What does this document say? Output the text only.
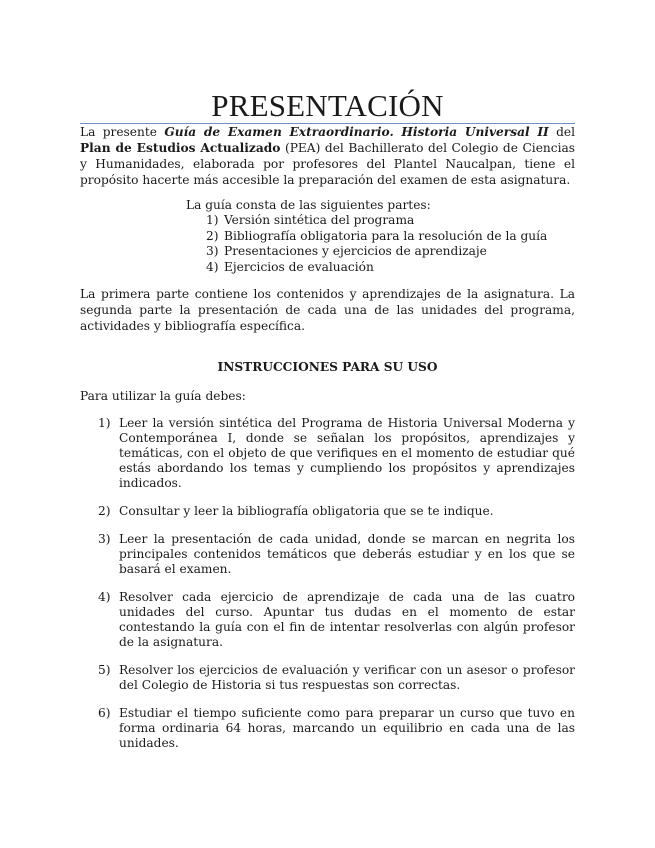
PRESENTACIÓN

La presente Guía de Examen Extraordinario. Historia Universal II del Plan de Estudios Actualizado (PEA) del Bachillerato del Colegio de Ciencias y Humanidades, elaborada por profesores del Plantel Naucalpan, tiene el propósito hacerte más accesible la preparación del examen de esta asignatura.

La guía consta de las siguientes partes:
1) Versión sintética del programa
2) Bibliografía obligatoria para la resolución de la guía
3) Presentaciones y ejercicios de aprendizaje
4) Ejercicios de evaluación

La primera parte contiene los contenidos y aprendizajes de la asignatura. La segunda parte la presentación de cada una de las unidades del programa, actividades y bibliografía específica.

INSTRUCCIONES PARA SU USO
Para utilizar la guía debes:
1) Leer la versión sintética del Programa de Historia Universal Moderna y Contemporánea I, donde se señalan los propósitos, aprendizajes y temáticas, con el objeto de que verifiques en el momento de estudiar qué estás abordando los temas y cumpliendo los propósitos y aprendizajes indicados.
2) Consultar y leer la bibliografía obligatoria que se te indique.
3) Leer la presentación de cada unidad, donde se marcan en negrita los principales contenidos temáticos que deberás estudiar y en los que se basará el examen.
4) Resolver cada ejercicio de aprendizaje de cada una de las cuatro unidades del curso. Apuntar tus dudas en el momento de estar contestando la guía con el fin de intentar resolverlas con algún profesor de la asignatura.
5) Resolver los ejercicios de evaluación y verificar con un asesor o profesor del Colegio de Historia si tus respuestas son correctas.
6) Estudiar el tiempo suficiente como para preparar un curso que tuvo en forma ordinaria 64 horas, marcando un equilibrio en cada una de las unidades.
